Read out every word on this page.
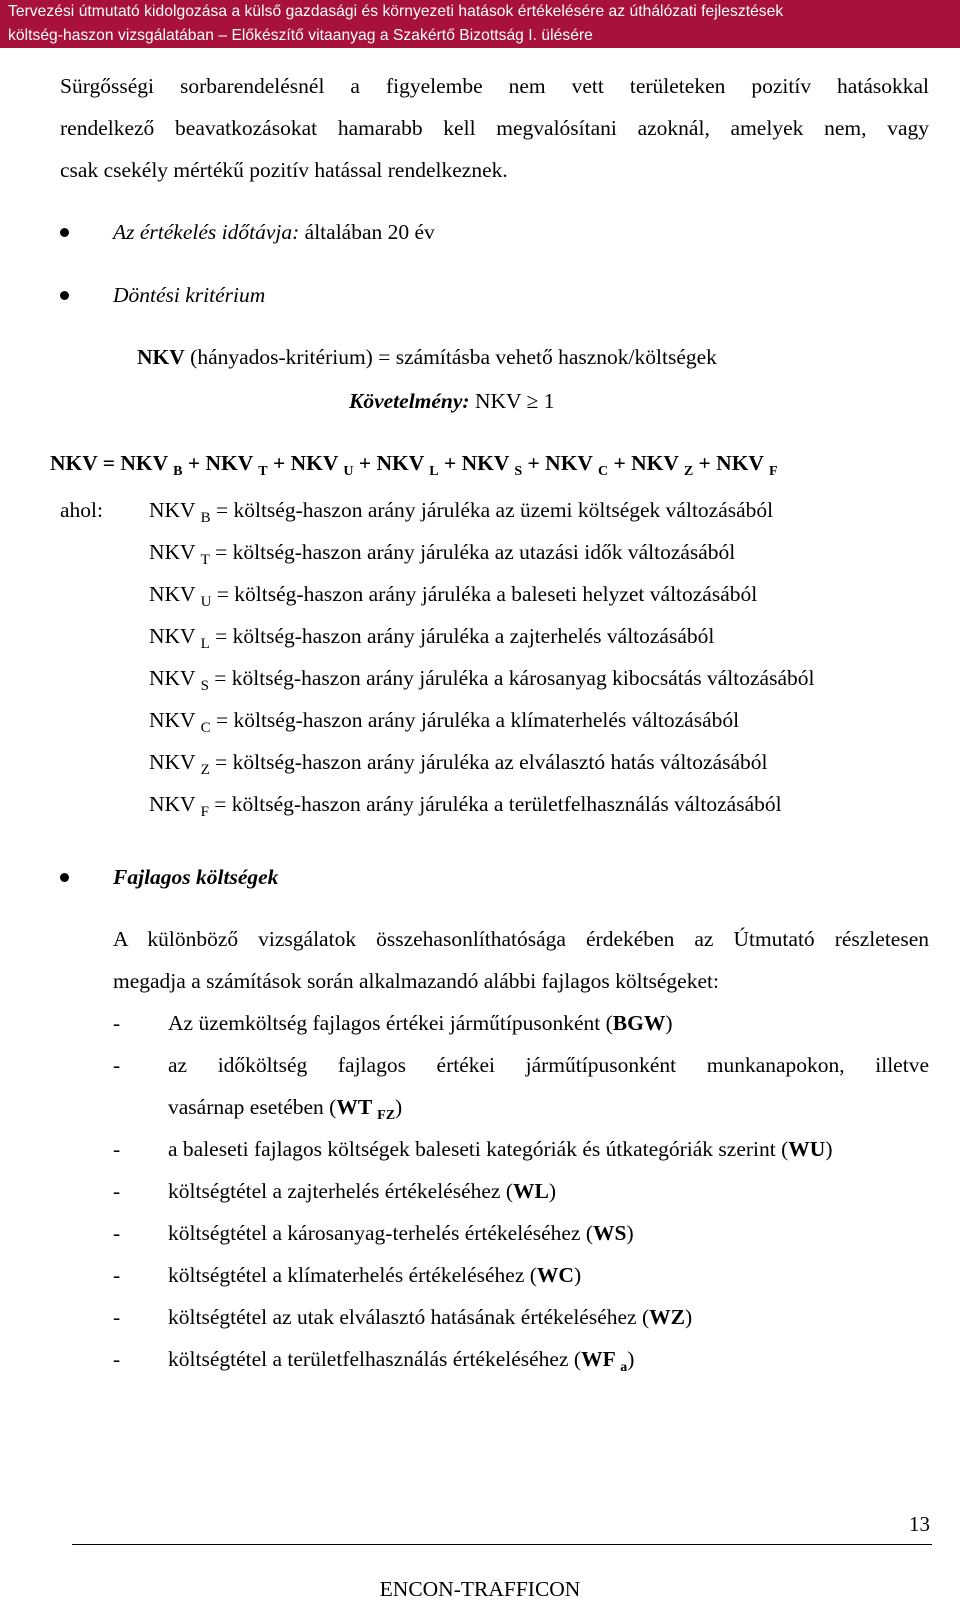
Tervezési útmutató kidolgozása a külső gazdasági és környezeti hatások értékelésére az úthálózati fejlesztések
költség-haszon vizsgálatában – Előkészítő vitaanyag a Szakértő Bizottság I. ülésére
Sürgősségi sorbarendelésnél a figyelembe nem vett területeken pozitív hatásokkal
rendelkező beavatkozásokat hamarabb kell megvalósítani azoknál, amelyek nem, vagy
csak csekély mértékű pozitív hatással rendelkeznek.
Az értékelés időtávja: általában 20 év
Döntési kritérium
NKV (hányados-kritérium) = számításba vehető hasznok/költségek
Követelmény: NKV ≥ 1
NKV = NKV $_B$ + NKV $_T$ + NKV $_U$ + NKV $_L$ + NKV $_S$ + NKV $_C$ + NKV $_Z$ + NKV $_F$
ahol: NKV $_B$ = költség-haszon arány járuléka az üzemi költségek változásából
NKV $_T$ = költség-haszon arány járuléka az utazási idők változásából
NKV $_U$ = költség-haszon arány járuléka a baleseti helyzet változásából
NKV $_L$ = költség-haszon arány járuléka a zajterhelés változásából
NKV $_S$ = költség-haszon arány járuléka a károsanyag kibocsátás változásából
NKV $_C$ = költség-haszon arány járuléka a klímaterhelés változásából
NKV $_Z$ = költség-haszon arány járuléka az elválasztó hatás változásából
NKV $_F$ = költség-haszon arány járuléka a területfelhasználás változásából
Fajlagos költségek
A különböző vizsgálatok összehasonlíthatósága érdekében az Útmutató részletesen
megadja a számítások során alkalmazandó alábbi fajlagos költségeket:
- Az üzemköltség fajlagos értékei járműtípusonként (BGW)
- az időköltség fajlagos értékei járműtípusonként munkanapokon, illetve
vasárnap esetében (WT $_{FZ}$)
- a baleseti fajlagos költségek baleseti kategóriák és útkategóriák szerint (WU)
- költségtétel a zajterhelés értékeléséhez (WL)
- költségtétel a károsanyag-terhelés értékeléséhez (WS)
- költségtétel a klímaterhelés értékeléséhez (WC)
- költségtétel az utak elválasztó hatásának értékeléséhez (WZ)
- költségtétel a területfelhasználás értékeléséhez (WF $_a$)
13
ENCON-TRAFFICON
